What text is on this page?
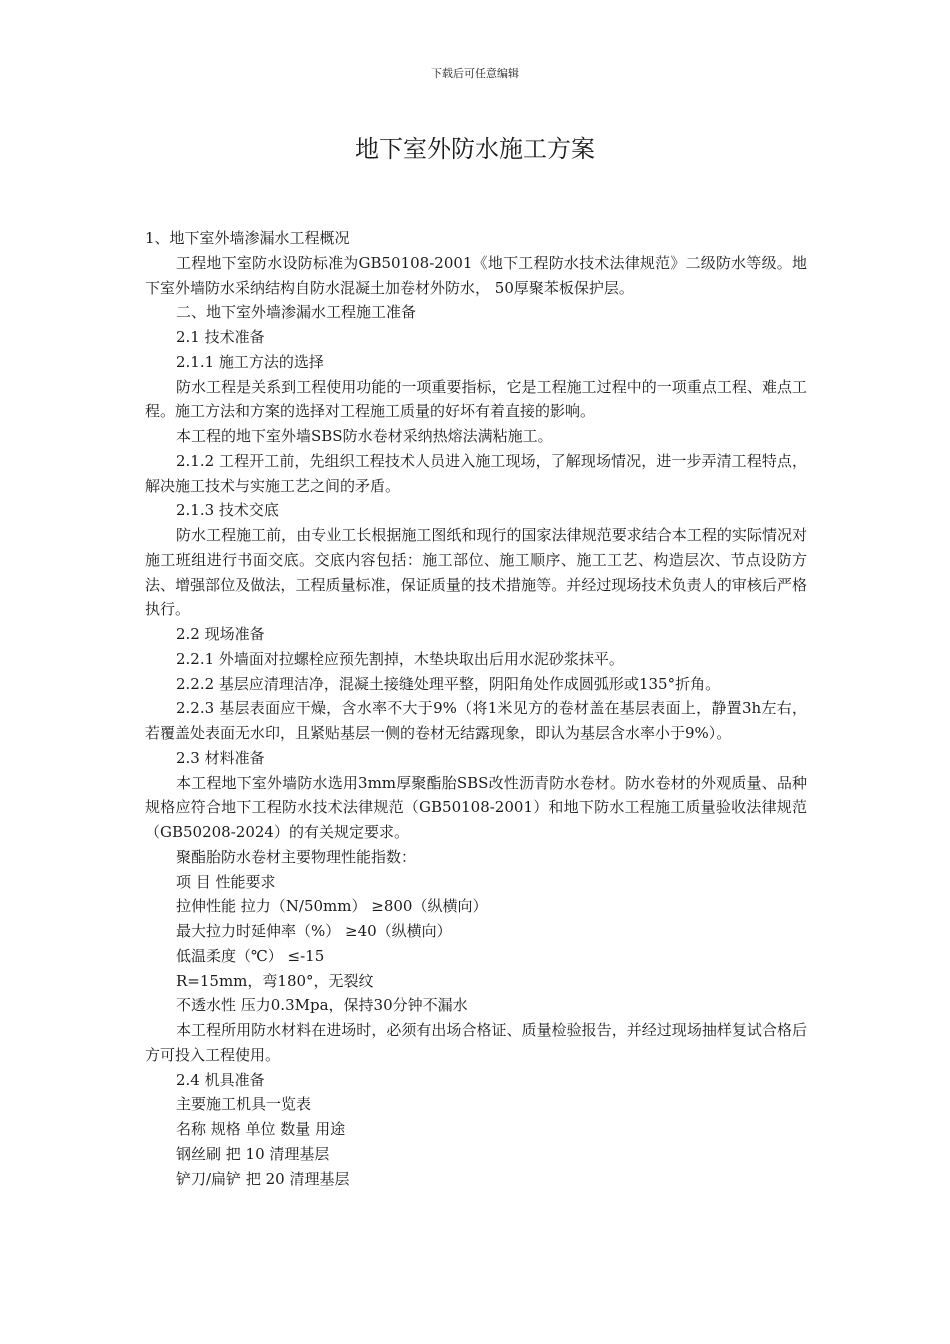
下载后可任意编辑
地下室外防水施工方案

1、地下室外墙渗漏水工程概况

工程地下室防水设防标准为GB50108-2001《地下工程防水技术法律规范》二级防水等级。地下室外墙防水采纳结构自防水混凝土加卷材外防水， 50厚聚苯板保护层。

二、地下室外墙渗漏水工程施工准备

2.1 技术准备

2.1.1 施工方法的选择

防水工程是关系到工程使用功能的一项重要指标，它是工程施工过程中的一项重点工程、难点工程。施工方法和方案的选择对工程施工质量的好坏有着直接的影响。

本工程的地下室外墙SBS防水卷材采纳热熔法满粘施工。

2.1.2 工程开工前，先组织工程技术人员进入施工现场，了解现场情况，进一步弄清工程特点，解决施工技术与实施工艺之间的矛盾。

2.1.3 技术交底

防水工程施工前，由专业工长根据施工图纸和现行的国家法律规范要求结合本工程的实际情况对施工班组进行书面交底。交底内容包括：施工部位、施工顺序、施工工艺、构造层次、节点设防方法、增强部位及做法，工程质量标准，保证质量的技术措施等。并经过现场技术负责人的审核后严格执行。

2.2 现场准备

2.2.1 外墙面对拉螺栓应预先割掉，木垫块取出后用水泥砂浆抹平。

2.2.2 基层应清理洁净，混凝土接缝处理平整，阴阳角处作成圆弧形或135°折角。

2.2.3 基层表面应干燥，含水率不大于9%（将1米见方的卷材盖在基层表面上，静置3h左右，若覆盖处表面无水印，且紧贴基层一侧的卷材无结露现象，即认为基层含水率小于9%）。

2.3 材料准备

本工程地下室外墙防水选用3mm厚聚酯胎SBS改性沥青防水卷材。防水卷材的外观质量、品种规格应符合地下工程防水技术法律规范（GB50108-2001）和地下防水工程施工质量验收法律规范（GB50208-2024）的有关规定要求。

聚酯胎防水卷材主要物理性能指数：

项 目 性能要求

拉伸性能 拉力（N/50mm） ≥800（纵横向）

最大拉力时延伸率（%） ≥40（纵横向）

低温柔度（℃） ≤-15

R=15mm，弯180°，无裂纹

不透水性 压力0.3Mpa，保持30分钟不漏水

本工程所用防水材料在进场时，必须有出场合格证、质量检验报告，并经过现场抽样复试合格后方可投入工程使用。

2.4 机具准备

主要施工机具一览表

名称 规格 单位 数量 用途

钢丝刷 把 10 清理基层

铲刀/扁铲 把 20 清理基层
